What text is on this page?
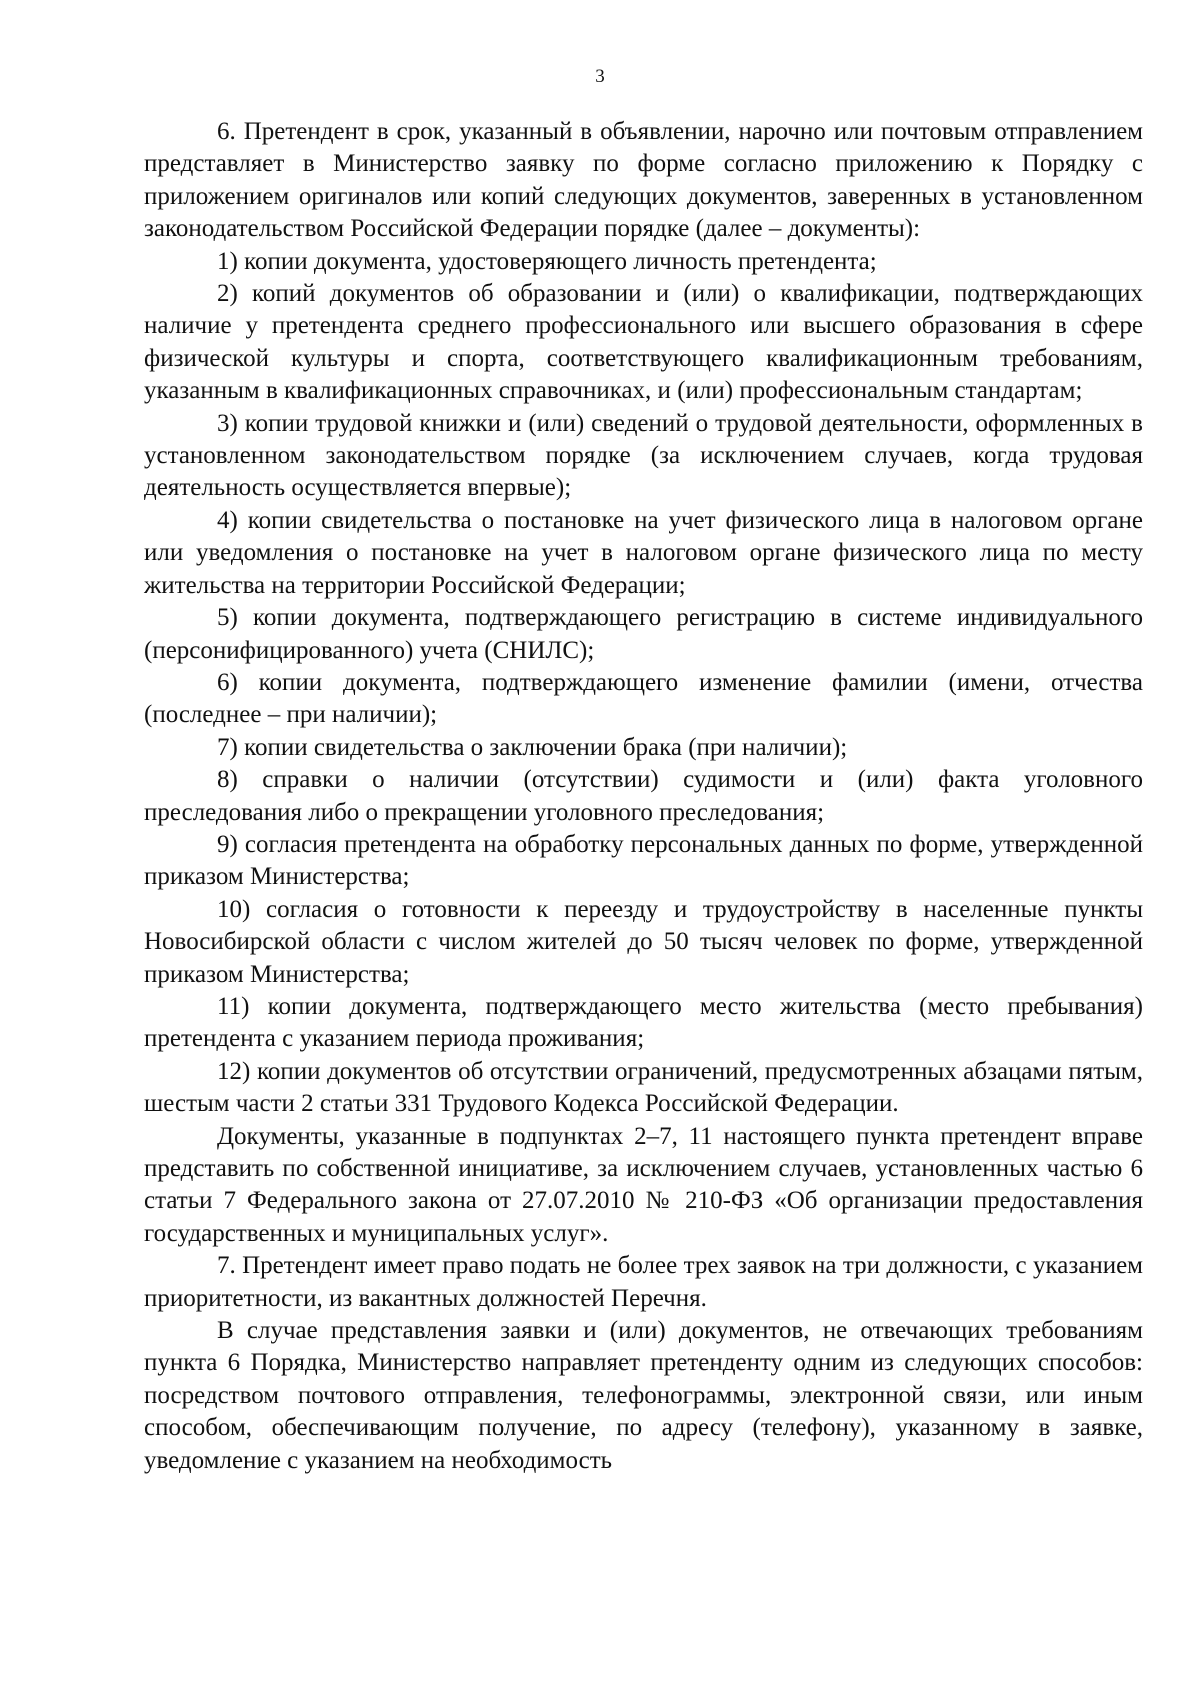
3

6. Претендент в срок, указанный в объявлении, нарочно или почтовым отправлением представляет в Министерство заявку по форме согласно приложению к Порядку с приложением оригиналов или копий следующих документов, заверенных в установленном законодательством Российской Федерации порядке (далее – документы):

1) копии документа, удостоверяющего личность претендента;

2) копий документов об образовании и (или) о квалификации, подтверждающих наличие у претендента среднего профессионального или высшего образования в сфере физической культуры и спорта, соответствующего квалификационным требованиям, указанным в квалификационных справочниках, и (или) профессиональным стандартам;

3) копии трудовой книжки и (или) сведений о трудовой деятельности, оформленных в установленном законодательством порядке (за исключением случаев, когда трудовая деятельность осуществляется впервые);

4) копии свидетельства о постановке на учет физического лица в налоговом органе или уведомления о постановке на учет в налоговом органе физического лица по месту жительства на территории Российской Федерации;

5) копии документа, подтверждающего регистрацию в системе индивидуального (персонифицированного) учета (СНИЛС);

6) копии документа, подтверждающего изменение фамилии (имени, отчества (последнее – при наличии);

7) копии свидетельства о заключении брака (при наличии);

8) справки о наличии (отсутствии) судимости и (или) факта уголовного преследования либо о прекращении уголовного преследования;

9) согласия претендента на обработку персональных данных по форме, утвержденной приказом Министерства;

10) согласия о готовности к переезду и трудоустройству в населенные пункты Новосибирской области с числом жителей до 50 тысяч человек по форме, утвержденной приказом Министерства;

11) копии документа, подтверждающего место жительства (место пребывания) претендента с указанием периода проживания;

12) копии документов об отсутствии ограничений, предусмотренных абзацами пятым, шестым части 2 статьи 331 Трудового Кодекса Российской Федерации.

Документы, указанные в подпунктах 2–7, 11 настоящего пункта претендент вправе представить по собственной инициативе, за исключением случаев, установленных частью 6 статьи 7 Федерального закона от 27.07.2010 № 210-ФЗ «Об организации предоставления государственных и муниципальных услуг».

7. Претендент имеет право подать не более трех заявок на три должности, с указанием приоритетности, из вакантных должностей Перечня.

В случае представления заявки и (или) документов, не отвечающих требованиям пункта 6 Порядка, Министерство направляет претенденту одним из следующих способов: посредством почтового отправления, телефонограммы, электронной связи, или иным способом, обеспечивающим получение, по адресу (телефону), указанному в заявке, уведомление с указанием на необходимость
